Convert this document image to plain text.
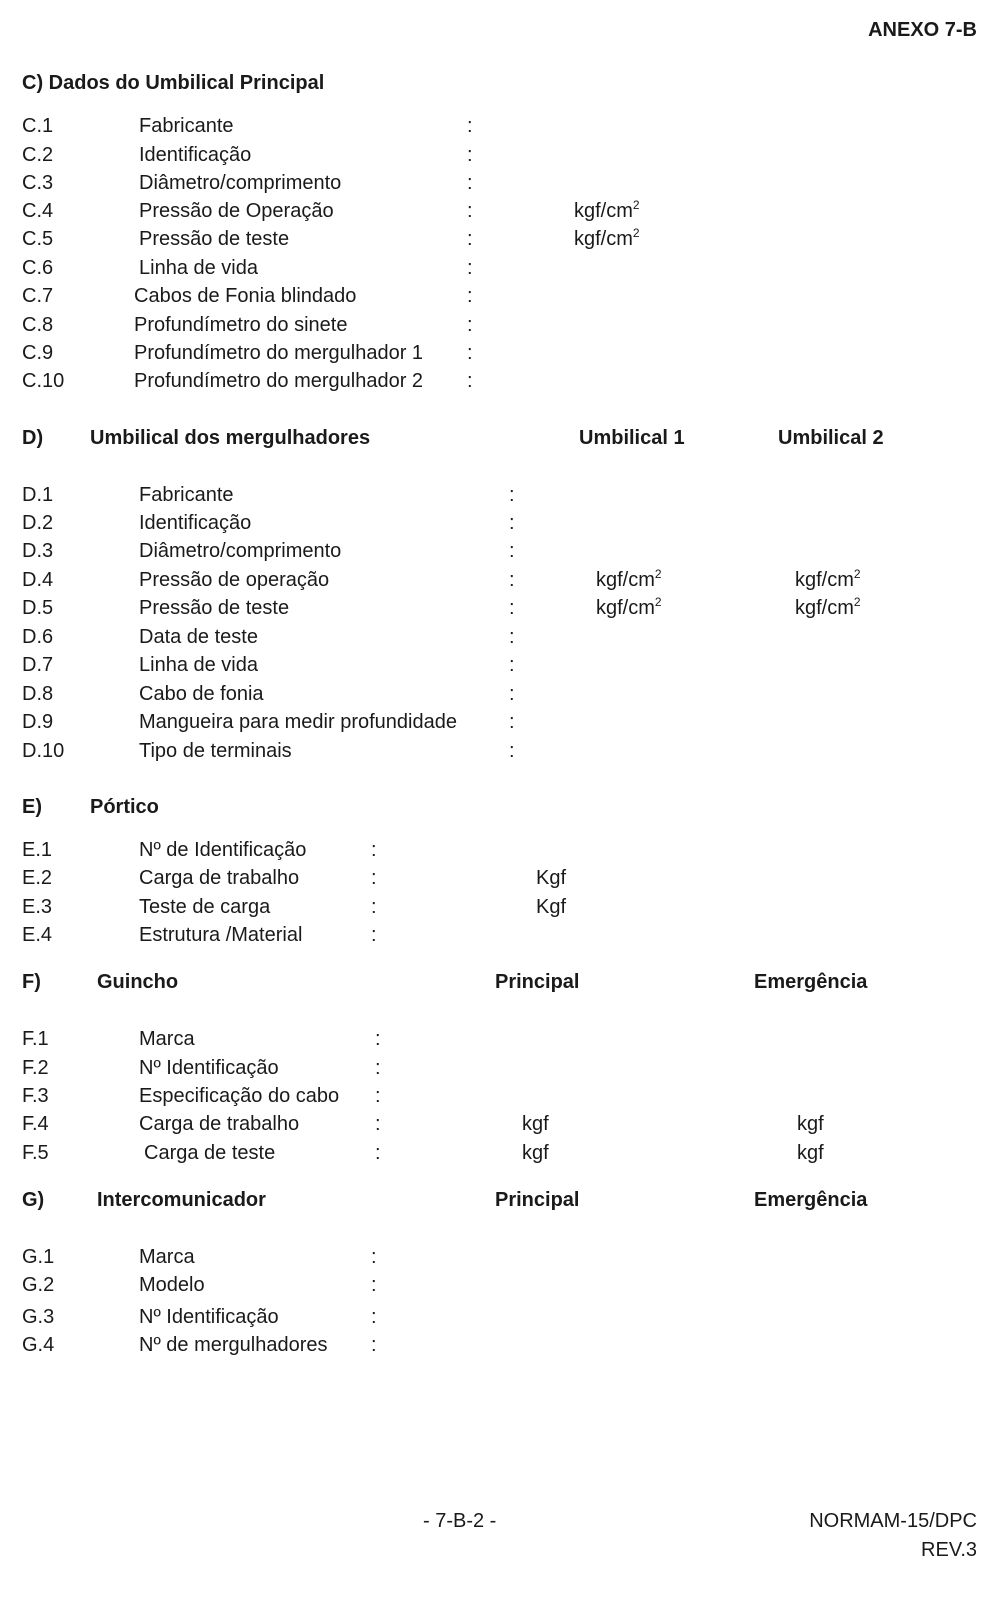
ANEXO 7-B
C) Dados do Umbilical Principal
C.1	Fabricante	:
C.2	Identificação	:
C.3	Diâmetro/comprimento	:
C.4	Pressão de Operação	:	kgf/$cm^2$
C.5	Pressão de teste	:	kgf/$cm^2$
C.6	Linha de vida	:
C.7	Cabos de Fonia blindado	:
C.8	Profundímetro do sinete	:
C.9	Profundímetro do mergulhador 1 :
C.10	Profundímetro do mergulhador 2 :
D) Umbilical dos mergulhadores	Umbilical 1	Umbilical 2
D.1	Fabricante	:
D.2	Identificação	:
D.3	Diâmetro/comprimento	:
D.4	Pressão de operação	:	kgf/$cm^2$	kgf/$cm^2$
D.5	Pressão de teste	:	kgf/$cm^2$	kgf/$cm^2$
D.6	Data de teste	:
D.7	Linha de vida	:
D.8	Cabo de fonia	:
D.9	Mangueira para medir profundidade	:
D.10	Tipo de terminais	:
E) Pórtico
E.1	Nº de Identificação	:
E.2	Carga de trabalho	:	Kgf
E.3	Teste de carga	:	Kgf
E.4	Estrutura /Material	:
F)	Guincho	Principal	Emergência
F.1	Marca	:
F.2	Nº Identificação	:
F.3	Especificação do cabo :
F.4	Carga de trabalho	:	kgf	kgf
F.5	Carga de teste	:	kgf	kgf
G)	Intercomunicador	Principal	Emergência
G.1	Marca	:
G.2	Modelo	:
G.3	Nº Identificação	:
G.4	Nº de mergulhadores :
- 7-B-2 -	NORMAM-15/DPC
REV.3
